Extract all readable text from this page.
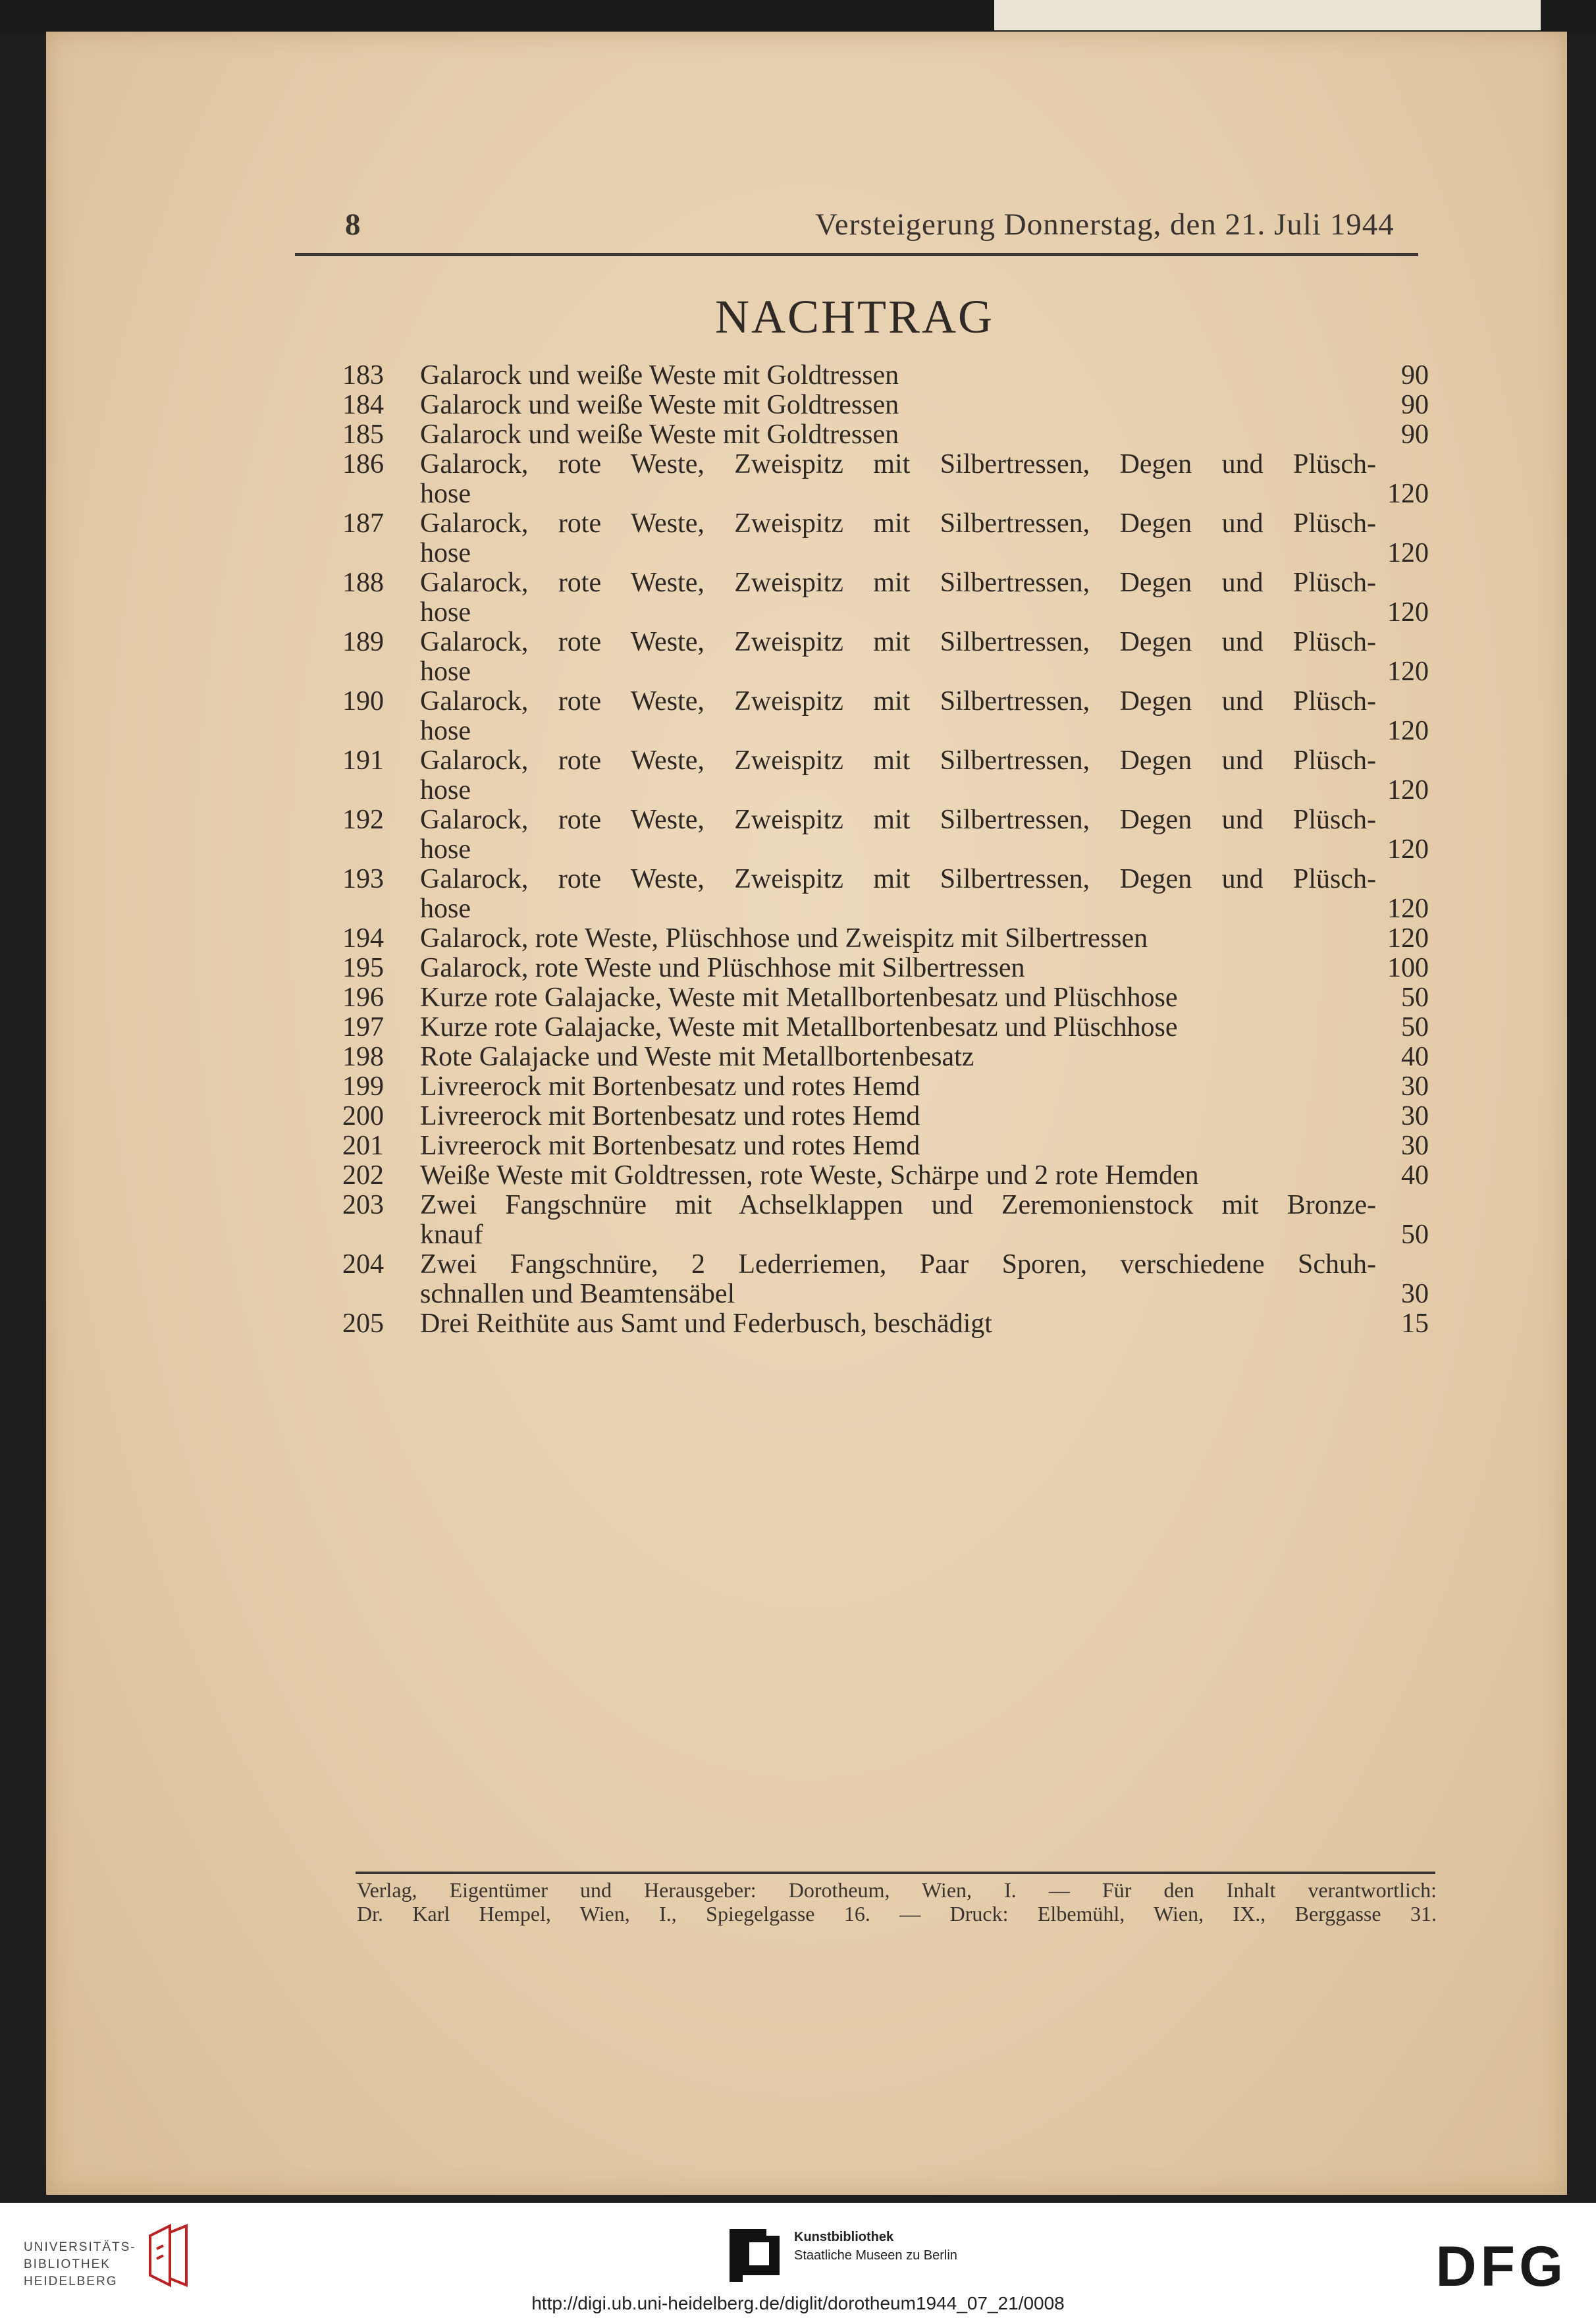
8	Versteigerung Donnerstag, den 21. Juli 1944
NACHTRAG
183	Galarock und weiße Weste mit Goldtressen	90
184	Galarock und weiße Weste mit Goldtressen	90
185	Galarock und weiße Weste mit Goldtressen	90
186	Galarock, rote Weste, Zweispitz mit Silbertressen, Degen und Plüsch-
hose	120
187	Galarock, rote Weste, Zweispitz mit Silbertressen, Degen und Plüsch-
hose	120
188	Galarock, rote Weste, Zweispitz mit Silbertressen, Degen und Plüsch-
hose	120
189	Galarock, rote Weste, Zweispitz mit Silbertressen, Degen und Plüsch-
hose	120
190	Galarock, rote Weste, Zweispitz mit Silbertressen, Degen und Plüsch-
hose	120
191	Galarock, rote Weste, Zweispitz mit Silbertressen, Degen und Plüsch-
hose	120
192	Galarock, rote Weste, Zweispitz mit Silbertressen, Degen und Plüsch-
hose	120
193	Galarock, rote Weste, Zweispitz mit Silbertressen, Degen und Plüsch-
hose	120
194	Galarock, rote Weste, Plüschhose und Zweispitz mit Silbertressen	120
195	Galarock, rote Weste und Plüschhose mit Silbertressen	100
196	Kurze rote Galajacke, Weste mit Metallbortenbesatz und Plüschhose	50
197	Kurze rote Galajacke, Weste mit Metallbortenbesatz und Plüschhose	50
198	Rote Galajacke und Weste mit Metallbortenbesatz	40
199	Livreerock mit Bortenbesatz und rotes Hemd	30
200	Livreerock mit Bortenbesatz und rotes Hemd	30
201	Livreerock mit Bortenbesatz und rotes Hemd	30
202	Weiße Weste mit Goldtressen, rote Weste, Schärpe und 2 rote Hemden	40
203	Zwei Fangschnüre mit Achselklappen und Zeremonienstock mit Bronze-
knauf	50
204	Zwei Fangschnüre, 2 Lederriemen, Paar Sporen, verschiedene Schuh-
schnallen und Beamtensäbel	30
205	Drei Reithüte aus Samt und Federbusch, beschädigt	15
Verlag, Eigentümer und Herausgeber: Dorotheum, Wien, I. — Für den Inhalt verantwortlich:
Dr. Karl Hempel, Wien, I., Spiegelgasse 16. — Druck: Elbemühl, Wien, IX., Berggasse 31.
UNIVERSITÄTS-
BIBLIOTHEK
HEIDELBERG
Kunstbibliothek
Staatliche Museen zu Berlin	DFG
http://digi.ub.uni-heidelberg.de/diglit/dorotheum1944_07_21/0008
